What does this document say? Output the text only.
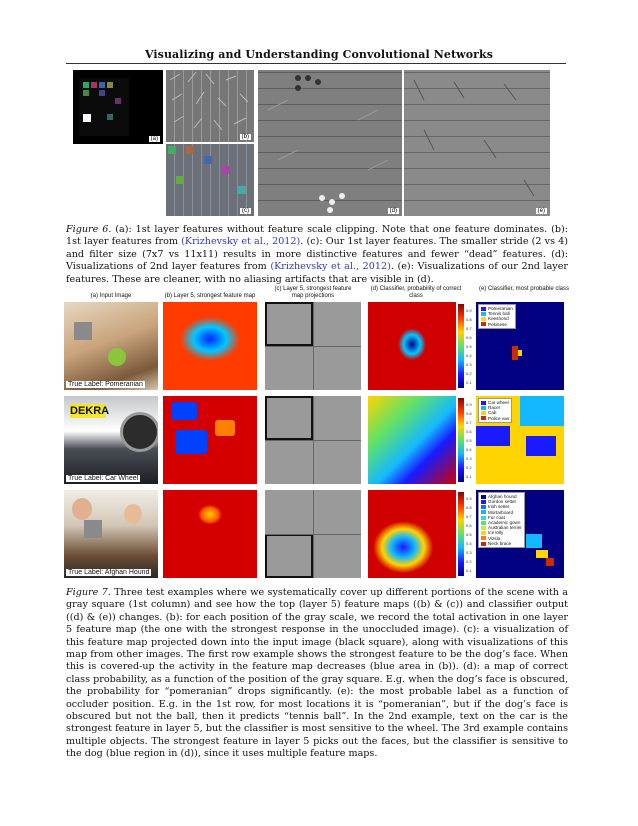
Visualizing and Understanding Convolutional Networks
(a)	(b)
(c)	(d)	(e)
Figure 6. (a): 1st layer features without feature scale clipping. Note that one feature dominates. (b): 1st layer features from (Krizhevsky et al., 2012). (c): Our 1st layer features. The smaller stride (2 vs 4) and filter size (7x7 vs 11x11) results in more distinctive features and fewer “dead” features. (d): Visualizations of 2nd layer features from (Krizhevsky et al., 2012). (e): Visualizations of our 2nd layer features. These are cleaner, with no aliasing artifacts that are visible in (d).
(a) Input Image	(b) Layer 5, strongest feature map
(c) Layer 5, strongest feature map projections
(d) Classifier, probability of correct class
(e) Classifier, most probable class
True Label: Pomeranian
DEKRA
True Label: Car Wheel
True Label: Afghan Hound
0.9
0.8
0.7
0.6
0.5
0.4
0.3
0.2
0.1
0.9
0.8
0.7
0.6
0.5
0.4
0.3
0.2
0.1
0.9
0.8
0.7
0.6
0.5
0.4
0.3
0.2
0.1
Pomeranian
Tennis ball
Keeshond
Pekinese
Car wheel
Racer
Cab
Police van
Afghan hound
Gordon setter
Irish setter
Mortarboard
Fur coat
Academic gown
Australian terrier
Ice lolly
Vizsla
Neck brace
Figure 7. Three test examples where we systematically cover up different portions of the scene with a gray square (1st column) and see how the top (layer 5) feature maps ((b) & (c)) and classifier output ((d) & (e)) changes. (b): for each position of the gray scale, we record the total activation in one layer 5 feature map (the one with the strongest response in the unoccluded image). (c): a visualization of this feature map projected down into the input image (black square), along with visualizations of this map from other images. The first row example shows the strongest feature to be the dog’s face. When this is covered-up the activity in the feature map decreases (blue area in (b)). (d): a map of correct class probability, as a function of the position of the gray square. E.g. when the dog’s face is obscured, the probability for “pomeranian” drops significantly. (e): the most probable label as a function of occluder position. E.g. in the 1st row, for most locations it is “pomeranian”, but if the dog’s face is obscured but not the ball, then it predicts “tennis ball”. In the 2nd example, text on the car is the strongest feature in layer 5, but the classifier is most sensitive to the wheel. The 3rd example contains multiple objects. The strongest feature in layer 5 picks out the faces, but the classifier is sensitive to the dog (blue region in (d)), since it uses multiple feature maps.
